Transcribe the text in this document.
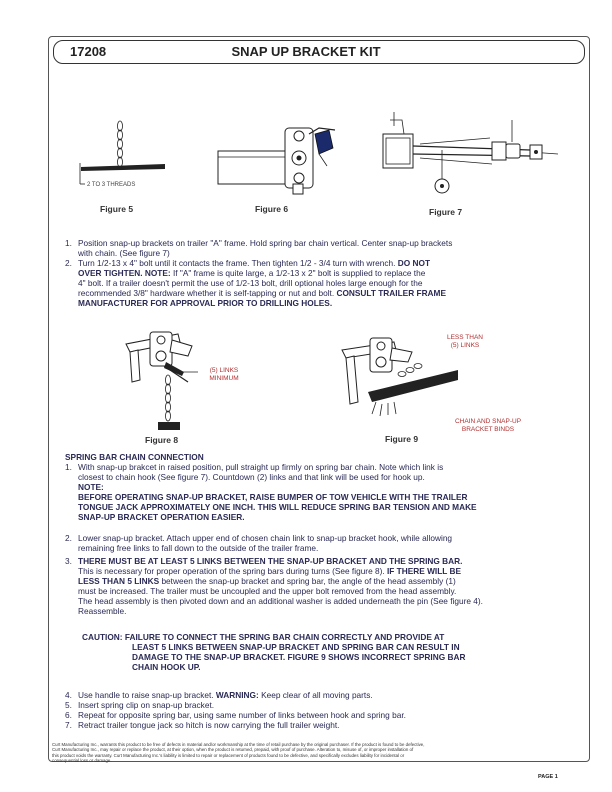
17208	SNAP UP BRACKET KIT
2 TO 3 THREADS
Figure 5	Figure 6	Figure 7
1. Position snap-up brackets on trailer "A" frame. Hold spring bar chain vertical. Center snap-up brackets
with chain. (See figure 7)
2. Turn 1/2-13 x 4" bolt until it contacts the frame. Then tighten 1/2 - 3/4 turn with wrench. DO NOT
OVER TIGHTEN. NOTE: If "A" frame is quite large, a 1/2-13 x 2" bolt is supplied to replace the
4" bolt. If a trailer doesn't permit the use of 1/2-13 bolt, drill optional holes large enough for the
recommended 3/8" hardware whether it is self-tapping or nut and bolt. CONSULT TRAILER FRAME
MANUFACTURER FOR APPROVAL PRIOR TO DRILLING HOLES.
(5) LINKS
MINIMUM
Figure 8
LESS THAN
(5) LINKS
CHAIN AND SNAP-UP
BRACKET BINDS
Figure 9
SPRING BAR CHAIN CONNECTION
1. With snap-up brakcet in raised position, pull straight up firmly on spring bar chain. Note which link is
closest to chain hook (See figure 7). Countdown (2) links and that link will be used for hook up.
NOTE:
BEFORE OPERATING SNAP-UP BRACKET, RAISE BUMPER OF TOW VEHICLE WITH THE TRAILER
TONGUE JACK APPROXIMATELY ONE INCH. THIS WILL REDUCE SPRING BAR TENSION AND MAKE
SNAP-UP BRACKET OPERATION EASIER.
2. Lower snap-up bracket. Attach upper end of chosen chain link to snap-up bracket hook, while allowing
remaining free links to fall down to the outside of the trailer frame.
3. THERE MUST BE AT LEAST 5 LINKS BETWEEN THE SNAP-UP BRACKET AND THE SPRING BAR.
This is necessary for proper operation of the spring bars during turns (See figure 8). IF THERE WILL BE
LESS THAN 5 LINKS between the snap-up bracket and spring bar, the angle of the head assembly (1)
must be increased. The trailer must be uncoupled and the upper bolt removed from the head assembly.
The head assembly is then pivoted down and an additional washer is added underneath the pin (See figure 4).
Reassemble.
CAUTION: FAILURE TO CONNECT THE SPRING BAR CHAIN CORRECTLY AND PROVIDE AT
LEAST 5 LINKS BETWEEN SNAP-UP BRACKET AND SPRING BAR CAN RESULT IN
DAMAGE TO THE SNAP-UP BRACKET. FIGURE 9 SHOWS INCORRECT SPRING BAR
CHAIN HOOK UP.
4. Use handle to raise snap-up bracket. WARNING: Keep clear of all moving parts.
5. Insert spring clip on snap-up bracket.
6. Repeat for opposite spring bar, using same number of links between hook and spring bar.
7. Retract trailer tongue jack so hitch is now carrying the full trailer weight.
Curt Manufacturing Inc., warrants this product to be free of defects in material and/or workmanship at the time of retail purchase by the original purchaser. If the product is found to be defective,
Curt Manufacturing Inc., may repair or replace the product, at their option, when the product is returned, prepaid, with proof of purchase. Alteration to, misuse of, or improper installation of
this product voids the warranty. Curt Manufacturing Inc.'s liability is limited to repair or replacement of products found to be defective, and specifically excludes liability for incidental or
consequential loss or damage.
PAGE 1
